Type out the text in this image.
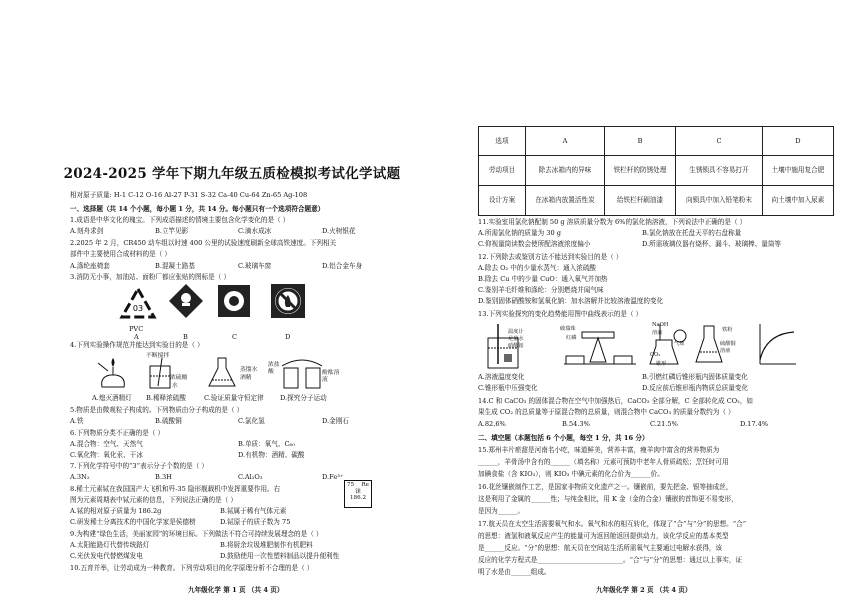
2024-2025 学年下期九年级五质检模拟考试化学试题
相对原子质量: H-1 C-12 O-16 Al-27 P-31 S-32 Ca-40 Cu-64 Zn-65 Ag-108
一、选择题（共 14 个小题，每小题 1 分，共 14 分。每小题只有一个选项符合题意）
1.成语是中华文化的瑰宝。下列成语描述的情境主要包含化学变化的是（ ）
A.刻舟求剑	B.立竿见影	C.滴水成冰	D.火树银花
2.2025 年 2 月，CR450 动车组以时速 400 公里的试验速度刷新全球高铁速度。下列相关
部件中主要使用合成材料的是（ ）
A.涤纶座椅套	B.混凝土路基	C.玻璃车窗	D.铝合金车身
3.消防无小事，加油站、面粉厂都应张贴的图标是（ ）
03
PVC
A	B	C	D
4.下列实验操作规范并能达到实验目的是（ ）
不断搅拌
浓硫酸
水
蒸馏水
酒精
浓盐酸	酚酞溶液
A.熄灭酒精灯 B.稀释浓硫酸	C.验证质量守恒定律 D.探究分子运动
5.物质是由微观粒子构成的。下列物质由分子构成的是（ ）
A.铁	B.硫酸铜	C.氯化氢	D.金刚石
6.下列物质分类不正确的是（ ）
A.混合物：空气、天然气	B.单质：氧气、C₆₀
C.氧化物：氧化汞、干冰	D.有机物：酒精、碳酸
7.下列化学符号中的“3”表示分子个数的是（ ）
A.3N₂	B.3H	C.Al₂O₃	D.Fe³⁺
8.稀土元素铽在我国国产大飞机和歼-35 隐形舰载机中发挥重要作用。右
图为元素周期表中铽元素的信息，下列说法正确的是（ ）
A.铽的相对原子质量为 186.2g	B.铽属于稀有气体元素
C.研发稀土分离技术的中国化学家是侯德榜	D.铽原子的质子数为 75
75	Re
铼
186.2
9.为构建“绿色生活，美丽家园”的环境目标。下列做法不符合可持续发展理念的是（ ）
A.太阳能路灯代替传统路灯	B.将厨余垃圾堆肥制作有机肥料
C.光伏发电代替燃煤发电	D.鼓励使用一次性塑料制品以提升便利性
10.五育并举，让劳动成为一种教育。下列劳动项目的化学原理分析不合理的是（ ）
九年级化学 第 1 页 （共 4 页）
选项	A	B	C	D
劳动项目	除去冰箱内的异味	铁栏杆的防锈处理	生锈锁具不容易打开	土壤中施用复合肥
设计方案	在冰箱内放置活性炭	给铁栏杆刷油漆	向锁具中加入铅笔粉末	向土壤中加入尿素
11.实验室用氯化钠配制 50 g 溶质质量分数为 6%的氯化钠溶液，下列说法中正确的是（ ）
A.所需氯化钠的质量为 30 g	B.氯化钠放在托盘天平的右盘称量
C.仰视量筒读数会使所配溶液浓度偏小	D.所需玻璃仪器有烧杯、漏斗、玻璃棒、量筒等
12.下列除去或鉴别方法不能达到实验目的是（ ）
A.除去 O₂ 中的少量水蒸气：通入浓硫酸
B.除去 Cu 中的少量 CuO：通入氧气并加热
C.鉴别羊毛纤维和涤纶：分别燃烧并闻气味
D.鉴别固体硝酸铵和氢氧化钠：加水溶解并比较溶液温度的变化
13.下列实验探究的变化趋势能用图中曲线表示的是（ ）
温度计
足量水
硝酸铵
破瑞珠
红磷
NaOH
溶液
气球
CO₂
锥形
铁粉
硫酸铜
溶液
A.溶液温度变化	B.引燃红磷后锥形瓶内固体质量变化
C.锥形瓶中压强变化	D.反应前后锥形瓶内物质总质量变化
14.C 和 CaCO₃ 的固体混合物在空气中加强热后，CaCO₃ 全部分解，C 全部转化成 CO₂，如
果生成 CO₂ 的总质量等于原混合物的总质量，则混合物中 CaCO₃ 的质量分数约为（ ）
A.82.6%	B.54.3%	C.21.5%	D.17.4%
二、填空题（本题包括 6 个小题，每空 1 分，共 16 分）
15.郑州丰片瘀甜是河南名小吃，味道鲜美，营养丰富，瘦羊肉中富含的营养物质为
______，羊骨汤中含有的______（填名称）元素可预防中老年人骨质疏松；烹饪时可用
加碘食盐（含 KIO₃），则 KIO₃ 中碘元素的化合价为______价。
16.花丝镶嵌制作工艺，是国家非物质文化遗产之一。镶嵌前，要先把金、银等抽成丝，
这是利用了金属的______性；与纯金相比，用 K 金（金的合金）镶嵌的首饰更不易变形，
是因为______。
17.航天员在太空生活需要氧气和水。氧气和水的相互转化，体现了“合”与“分”的思想。“合”
的思想：液氢和液氧反应产生的能量可为返回舱返回提供动力，该化学反应的基本类型
是______反应。“分”的思想：航天员在空间站生活所需氧气主要通过电解水获得，该
反应的化学方程式是__________________________。“合”与“分”的思想：通过以上事实，证
明了水是由______组成。
九年级化学 第 2 页 （共 4 页）
